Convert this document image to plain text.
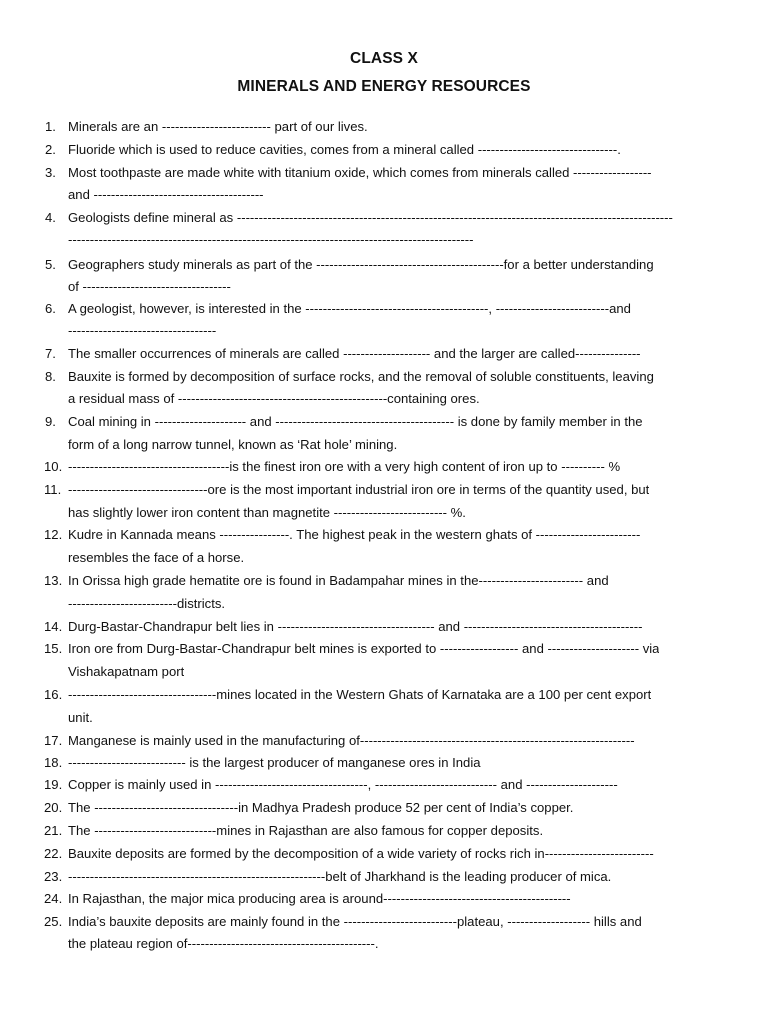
CLASS X
MINERALS AND ENERGY RESOURCES
1. Minerals are an ------------------------- part of our lives.
2. Fluoride which is used to reduce cavities, comes from a mineral called --------------------------------.
3. Most toothpaste are made white with titanium oxide, which comes from minerals called ------------------
and ---------------------------------------
4. Geologists define mineral as ----------------------------------------------------------------------------------------------------
---------------------------------------------------------------------------------------------
5. Geographers study minerals as part of the -------------------------------------------for a better understanding
of ----------------------------------
6. A geologist, however, is interested in the ------------------------------------------, --------------------------and
----------------------------------
7. The smaller occurrences of minerals are called -------------------- and the larger are called---------------
8. Bauxite is formed by decomposition of surface rocks, and the removal of soluble constituents, leaving
a residual mass of ------------------------------------------------containing ores.
9. Coal mining in --------------------- and ----------------------------------------- is done by family member in the
form of a long narrow tunnel, known as ‘Rat hole’ mining.
10. -------------------------------------is the finest iron ore with a very high content of iron up to ---------- %
11. --------------------------------ore is the most important industrial iron ore in terms of the quantity used, but
has slightly lower iron content than magnetite -------------------------- %.
12. Kudre in Kannada means ----------------. The highest peak in the western ghats of ------------------------
resembles the face of a horse.
13. In Orissa high grade hematite ore is found in Badampahar mines in the------------------------ and
-------------------------districts.
14. Durg-Bastar-Chandrapur belt lies in ------------------------------------ and -----------------------------------------
15. Iron ore from Durg-Bastar-Chandrapur belt mines is exported to ------------------ and --------------------- via
Vishakapatnam port
16. ----------------------------------mines located in the Western Ghats of Karnataka are a 100 per cent export
unit.
17. Manganese is mainly used in the manufacturing of---------------------------------------------------------------
18. --------------------------- is the largest producer of manganese ores in India
19. Copper is mainly used in -----------------------------------, ---------------------------- and ---------------------
20. The ---------------------------------in Madhya Pradesh produce 52 per cent of India’s copper.
21. The ----------------------------mines in Rajasthan are also famous for copper deposits.
22. Bauxite deposits are formed by the decomposition of a wide variety of rocks rich in-------------------------
23. -----------------------------------------------------------belt of Jharkhand is the leading producer of mica.
24. In Rajasthan, the major mica producing area is around-------------------------------------------
25. India’s bauxite deposits are mainly found in the --------------------------plateau, ------------------- hills and
the plateau region of-------------------------------------------.
